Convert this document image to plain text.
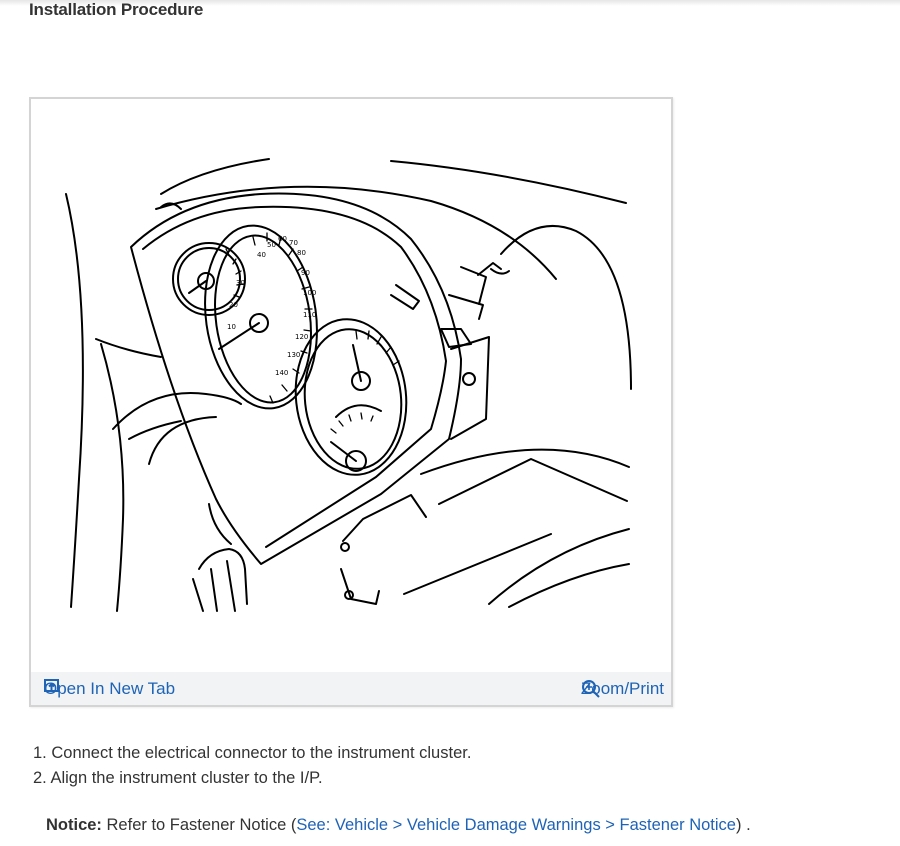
Installation Procedure
40
50
60 70
80
90
100
110
120
130
140
30
20
10
Open In New Tab	Zoom/Print
1. Connect the electrical connector to the instrument cluster.
2. Align the instrument cluster to the I/P.
Notice: Refer to Fastener Notice (See: Vehicle > Vehicle Damage Warnings > Fastener Notice) .
